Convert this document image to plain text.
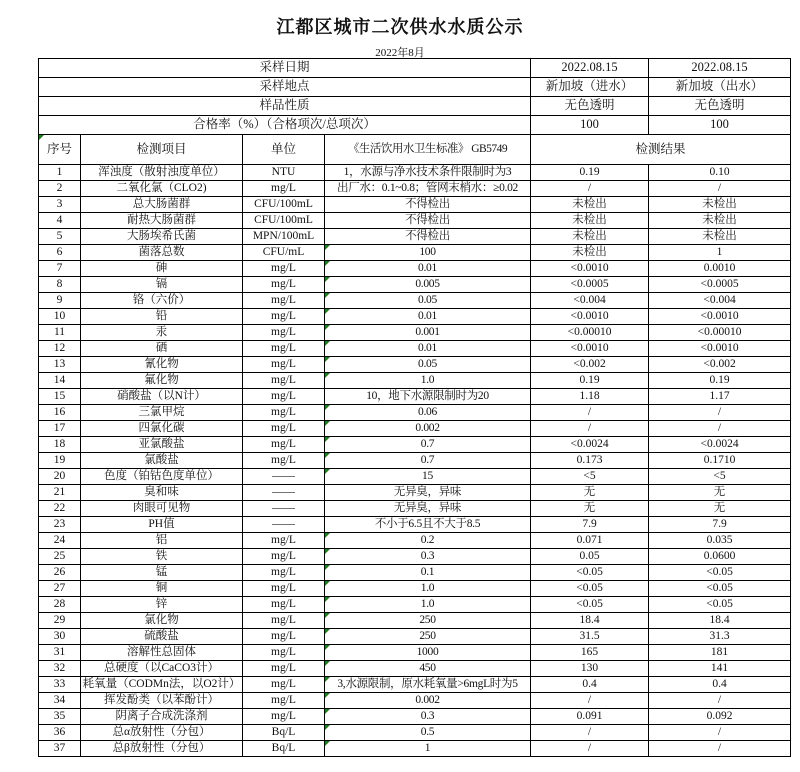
江都区城市二次供水水质公示
2022年8月
采样日期				2022.08.15	2022.08.15
采样地点				新加坡（进水）	新加坡（出水）
样品性质				无色透明	无色透明
合格率（%）（合格项次/总项次）				100	100
序号	检测项目	单位	《生活饮用水卫生标准》 GB5749	检测结果	
1	浑浊度（散射浊度单位）	NTU	1，水源与净水技术条件限制时为3	0.19	0.10
2	二氧化氯（CLO2)	mg/L	出厂水：0.1~0.8；管网末梢水：≥0.02	/	/
3	总大肠菌群	CFU/100mL	不得检出	未检出	未检出
4	耐热大肠菌群	CFU/100mL	不得检出	未检出	未检出
5	大肠埃希氏菌	MPN/100mL	不得检出	未检出	未检出
6	菌落总数	CFU/mL	100	未检出	1
7	砷	mg/L	0.01	<0.0010	0.0010
8	镉	mg/L	0.005	<0.0005	<0.0005
9	铬（六价）	mg/L	0.05	<0.004	<0.004
10	铅	mg/L	0.01	<0.0010	<0.0010
11	汞	mg/L	0.001	<0.00010	<0.00010
12	硒	mg/L	0.01	<0.0010	<0.0010
13	氰化物	mg/L	0.05	<0.002	<0.002
14	氟化物	mg/L	1.0	0.19	0.19
15	硝酸盐（以N计）	mg/L	10，地下水源限制时为20	1.18	1.17
16	三氯甲烷	mg/L	0.06	/	/
17	四氯化碳	mg/L	0.002	/	/
18	亚氯酸盐	mg/L	0.7	<0.0024	<0.0024
19	氯酸盐	mg/L	0.7	0.173	0.1710
20	色度（铂钴色度单位）	——	15	<5	<5
21	臭和味	——	无异臭，异味	无	无
22	肉眼可见物	——	无异臭，异味	无	无
23	PH值	——	不小于6.5且不大于8.5	7.9	7.9
24	铝	mg/L	0.2	0.071	0.035
25	铁	mg/L	0.3	0.05	0.0600
26	锰	mg/L	0.1	<0.05	<0.05
27	铜	mg/L	1.0	<0.05	<0.05
28	锌	mg/L	1.0	<0.05	<0.05
29	氯化物	mg/L	250	18.4	18.4
30	硫酸盐	mg/L	250	31.5	31.3
31	溶解性总固体	mg/L	1000	165	181
32	总硬度（以CaCO3计）	mg/L	450	130	141
33	耗氧量（CODMn法，以O2计）	mg/L	3,水源限制，原水耗氧量>6mgL时为5	0.4	0.4
34	挥发酚类（以苯酚计）	mg/L	0.002	/	/
35	阴离子合成洗涤剂	mg/L	0.3	0.091	0.092
36	总α放射性（分包）	Bq/L	0.5	/	/
37	总β放射性（分包）	Bq/L	1	/	/
